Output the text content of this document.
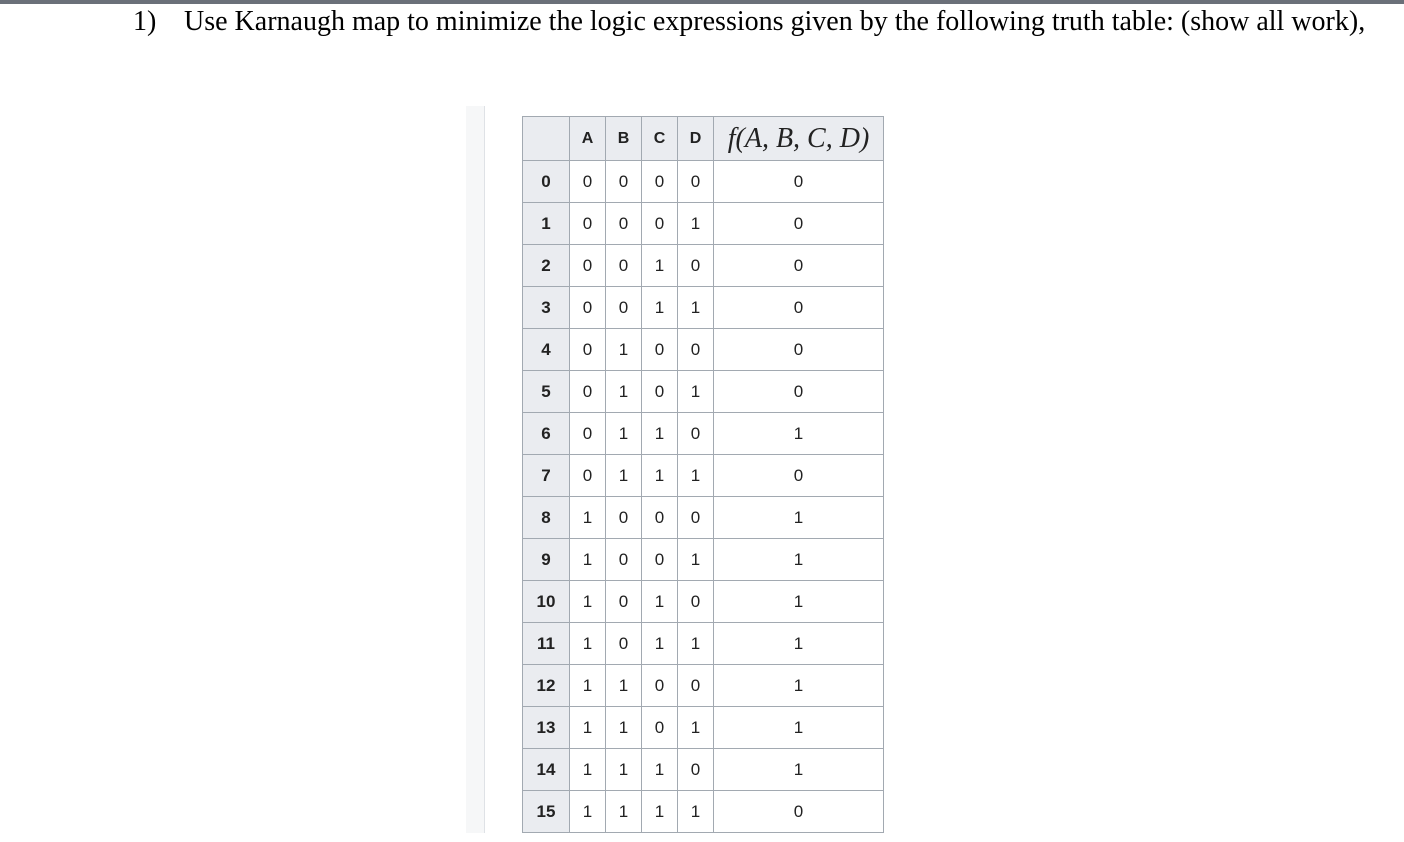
1) Use Karnaugh map to minimize the logic expressions given by the following truth table: (show all work),
	A	B	C	D	f(A, B, C, D)
0	0	0	0	0	0
1	0	0	0	1	0
2	0	0	1	0	0
3	0	0	1	1	0
4	0	1	0	0	0
5	0	1	0	1	0
6	0	1	1	0	1
7	0	1	1	1	0
8	1	0	0	0	1
9	1	0	0	1	1
10	1	0	1	0	1
11	1	0	1	1	1
12	1	1	0	0	1
13	1	1	0	1	1
14	1	1	1	0	1
15	1	1	1	1	0
